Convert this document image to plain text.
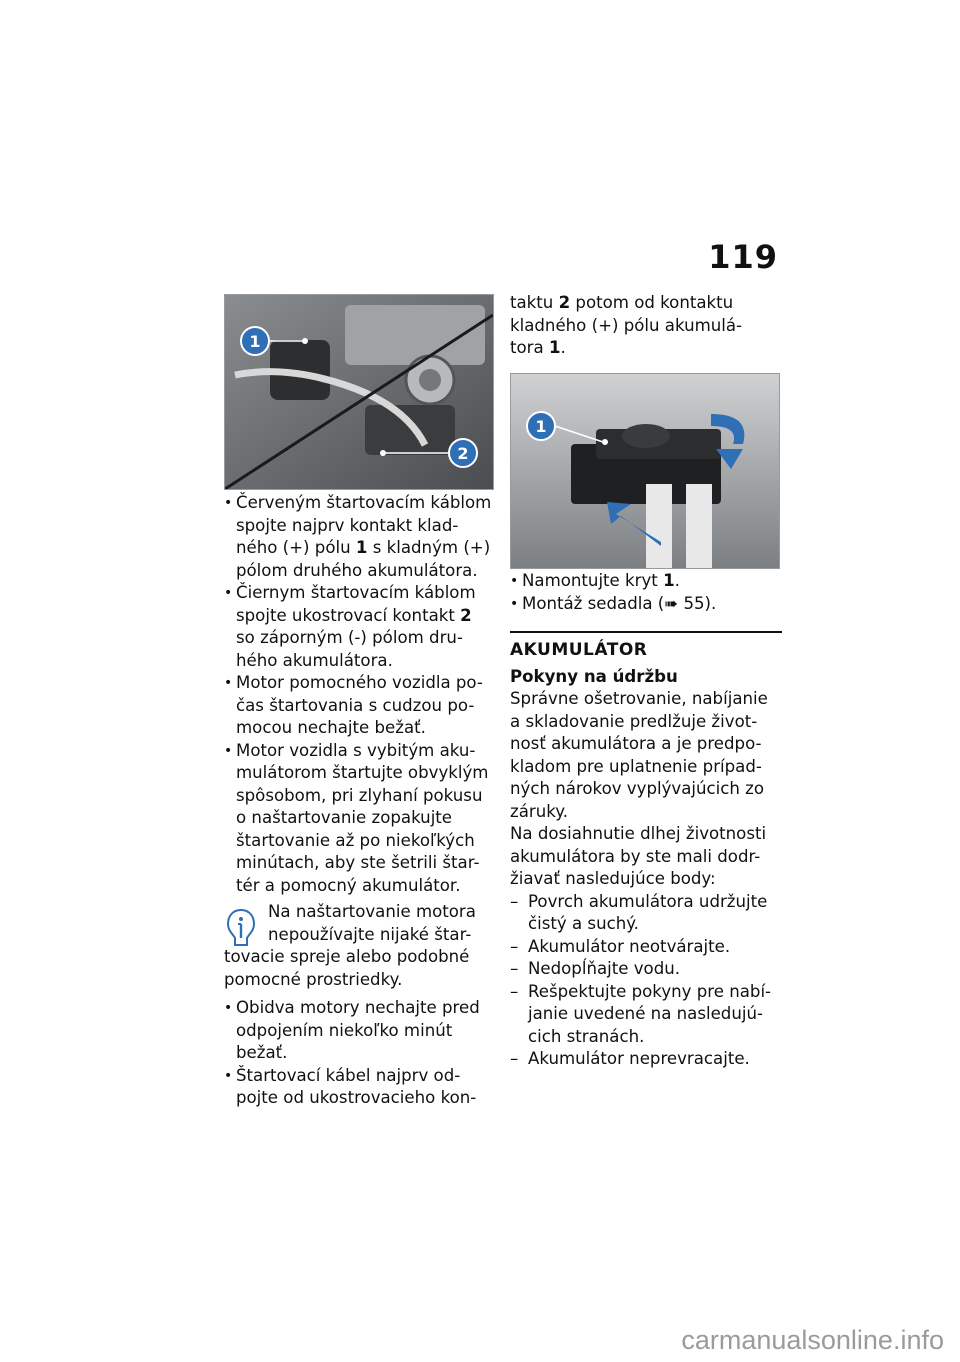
119
1
2
• Červeným štartovacím káblom
spojte najprv kontakt klad-
ného (+) pólu 1 s kladným (+)
pólom druhého akumulátora.
• Čiernym štartovacím káblom
spojte ukostrovací kontakt 2
so záporným (-) pólom dru-
hého akumulátora.
• Motor pomocného vozidla po-
čas štartovania s cudzou po-
mocou nechajte bežať.
• Motor vozidla s vybitým aku-
mulátorom štartujte obvyklým
spôsobom, pri zlyhaní pokusu
o naštartovanie zopakujte
štartovanie až po niekoľkých
minútach, aby ste šetrili štar-
tér a pomocný akumulátor.
Na naštartovanie motora
nepoužívajte nijaké štar-
tovacie spreje alebo podobné
pomocné prostriedky.
• Obidva motory nechajte pred
odpojením niekoľko minút
bežať.
• Štartovací kábel najprv od-
pojte od ukostrovacieho kon-
taktu 2 potom od kontaktu
kladného (+) pólu akumulá-
tora 1.
1
• Namontujte kryt 1.
• Montáž sedadla (➠ 55).
AKUMULÁTOR
Pokyny na údržbu
Správne ošetrovanie, nabíjanie
a skladovanie predlžuje život-
nosť akumulátora a je predpo-
kladom pre uplatnenie prípad-
ných nárokov vyplývajúcich zo
záruky.
Na dosiahnutie dlhej životnosti
akumulátora by ste mali dodr-
žiavať nasledujúce body:
– Povrch akumulátora udržujte
čistý a suchý.
– Akumulátor neotvárajte.
– Nedopĺňajte vodu.
– Rešpektujte pokyny pre nabí-
janie uvedené na nasledujú-
cich stranách.
– Akumulátor neprevracajte.
carmanualsonline.info
